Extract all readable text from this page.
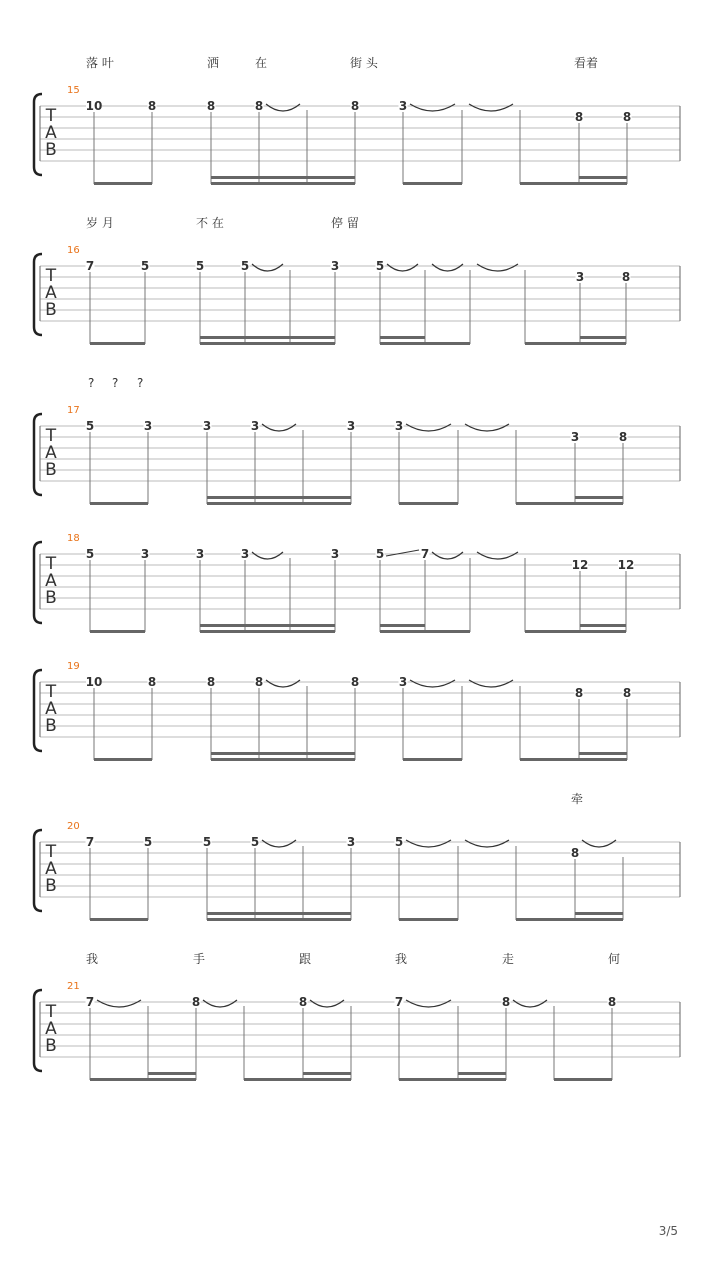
T
A
B
15
落 叶	洒	在	街 头	看着
10	8	8	8	8	3
8	8
T
A
B
16
岁 月	不 在	停 留
7	5	5	5	3	5
3	8
T
A
B
17
? ? ?
5	3	3	3	3	3
3	8
T
A
B
18
5	3	3	3	3	5	7
12 12
T
A
B
19
10	8	8	8	8	3
8	8
T
A
B
20
牵
7	5	5	5	3	5
8
T
A
B
21
我	手	跟	我	走	何
7	8	8	7	8	8
3/5
